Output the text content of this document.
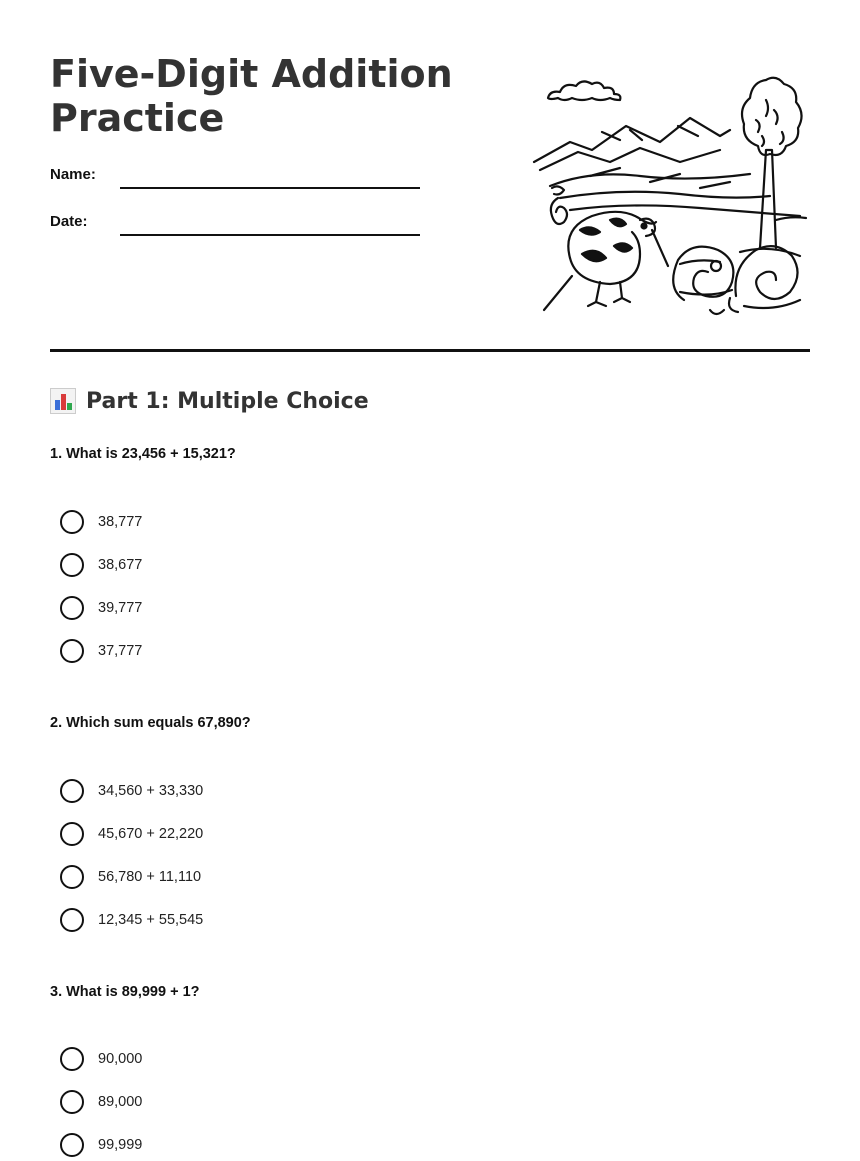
Five-Digit Addition
Practice
Name:
Date:
Part 1: Multiple Choice
1. What is 23,456 + 15,321?
38,777
38,677
39,777
37,777
2. Which sum equals 67,890?
34,560 + 33,330
45,670 + 22,220
56,780 + 11,110
12,345 + 55,545
3. What is 89,999 + 1?
90,000
89,000
99,999
